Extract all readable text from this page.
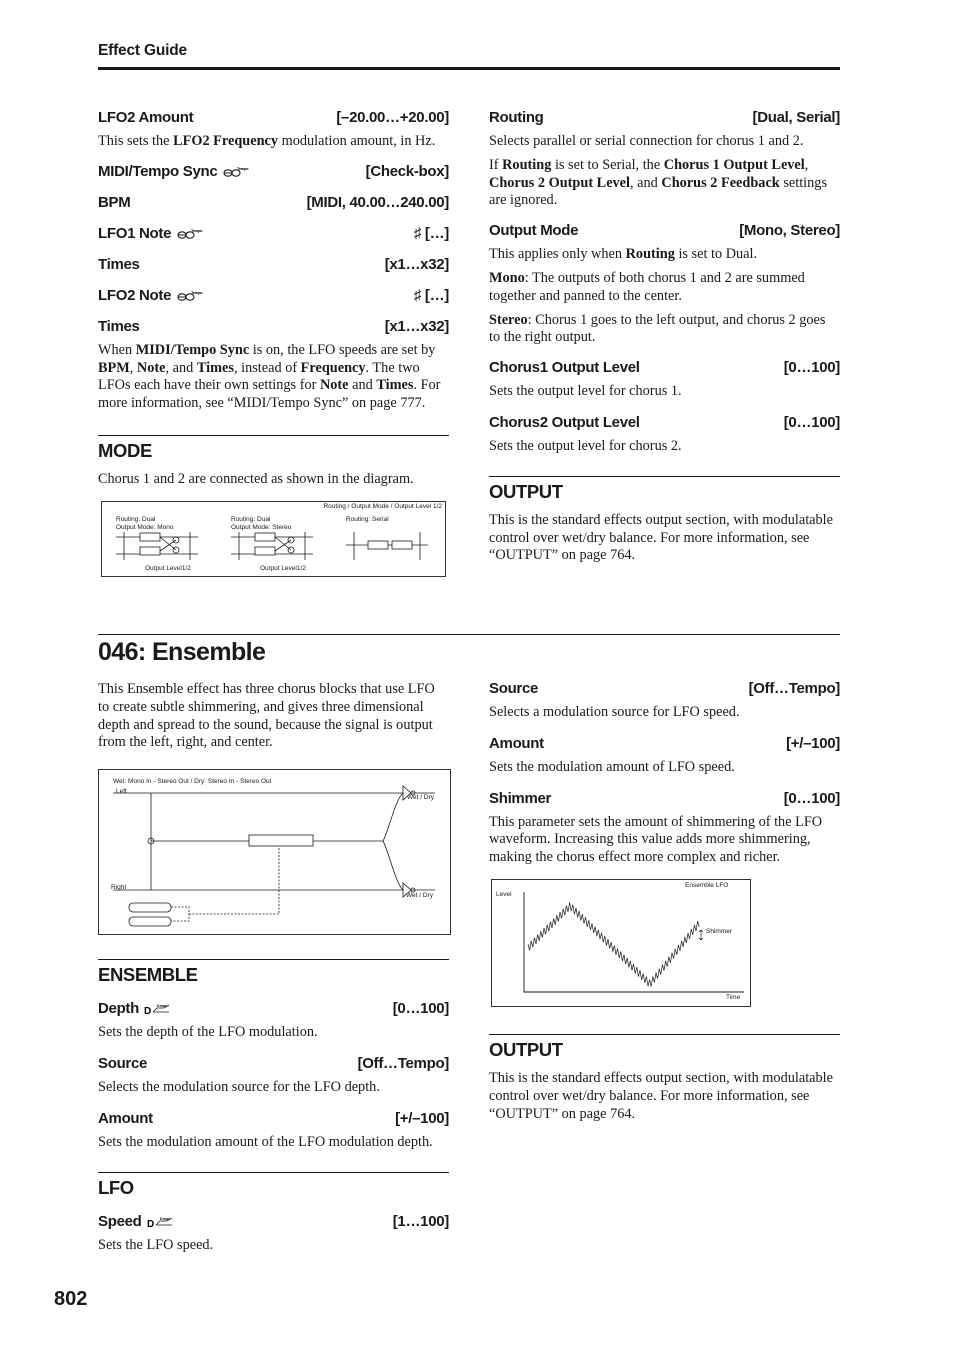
Effect Guide
LFO2 Amount	[–20.00…+20.00]
This sets the LFO2 Frequency modulation amount, in Hz.
MIDI/Tempo Sync	Tempo	[Check-box]
BPM	[MIDI, 40.00…240.00]
LFO1 Note	Tempo	♯ […]
Times	[x1…x32]
LFO2 Note	Tempo	♯ […]
Times	[x1…x32]
When MIDI/Tempo Sync is on, the LFO speeds are set by BPM, Note, and Times, instead of Frequency. The two LFOs each have their own settings for Note and Times. For more information, see “MIDI/Tempo Sync” on page 777.
MODE
Chorus 1 and 2 are connected as shown in the diagram.
Routing / Output Mode / Output Level 1/2
Routing: Dual
Output Mode: Mono
Output Level1/2
Routing: Dual
Output Mode: Stereo
Output Level1/2
Routing: Serial
Routing	[Dual, Serial]
Selects parallel or serial connection for chorus 1 and 2.
If Routing is set to Serial, the Chorus 1 Output Level, Chorus 2 Output Level, and Chorus 2 Feedback settings are ignored.
Output Mode	[Mono, Stereo]
This applies only when Routing is set to Dual.
Mono: The outputs of both chorus 1 and 2 are summed together and panned to the center.
Stereo: Chorus 1 goes to the left output, and chorus 2 goes to the right output.
Chorus1 Output Level	[0…100]
Sets the output level for chorus 1.
Chorus2 Output Level	[0…100]
Sets the output level for chorus 2.
OUTPUT
This is the standard effects output section, with modulatable control over wet/dry balance. For more information, see “OUTPUT” on page 764.
046: Ensemble
This Ensemble effect has three chorus blocks that use LFO to create subtle shimmering, and gives three dimensional depth and spread to the sound, because the signal is output from the left, right, and center.
Wet: Mono In - Stereo Out / Dry: Stereo In - Stereo Out
Left
Right
Wet / Dry
Wet / Dry
ENSEMBLE
Depth D D mod	[0…100]
Sets the depth of the LFO modulation.
Source	[Off…Tempo]
Selects the modulation source for the LFO depth.
Amount	[+/–100]
Sets the modulation amount of the LFO modulation depth.
LFO
Speed D D mod	[1…100]
Sets the LFO speed.
Source	[Off…Tempo]
Selects a modulation source for LFO speed.
Amount	[+/–100]
Sets the modulation amount of LFO speed.
Shimmer	[0…100]
This parameter sets the amount of shimmering of the LFO waveform. Increasing this value adds more shimmering, making the chorus effect more complex and richer.
Ensemble LFO
Level
Time
Shimmer
OUTPUT
This is the standard effects output section, with modulatable control over wet/dry balance. For more information, see “OUTPUT” on page 764.
802
